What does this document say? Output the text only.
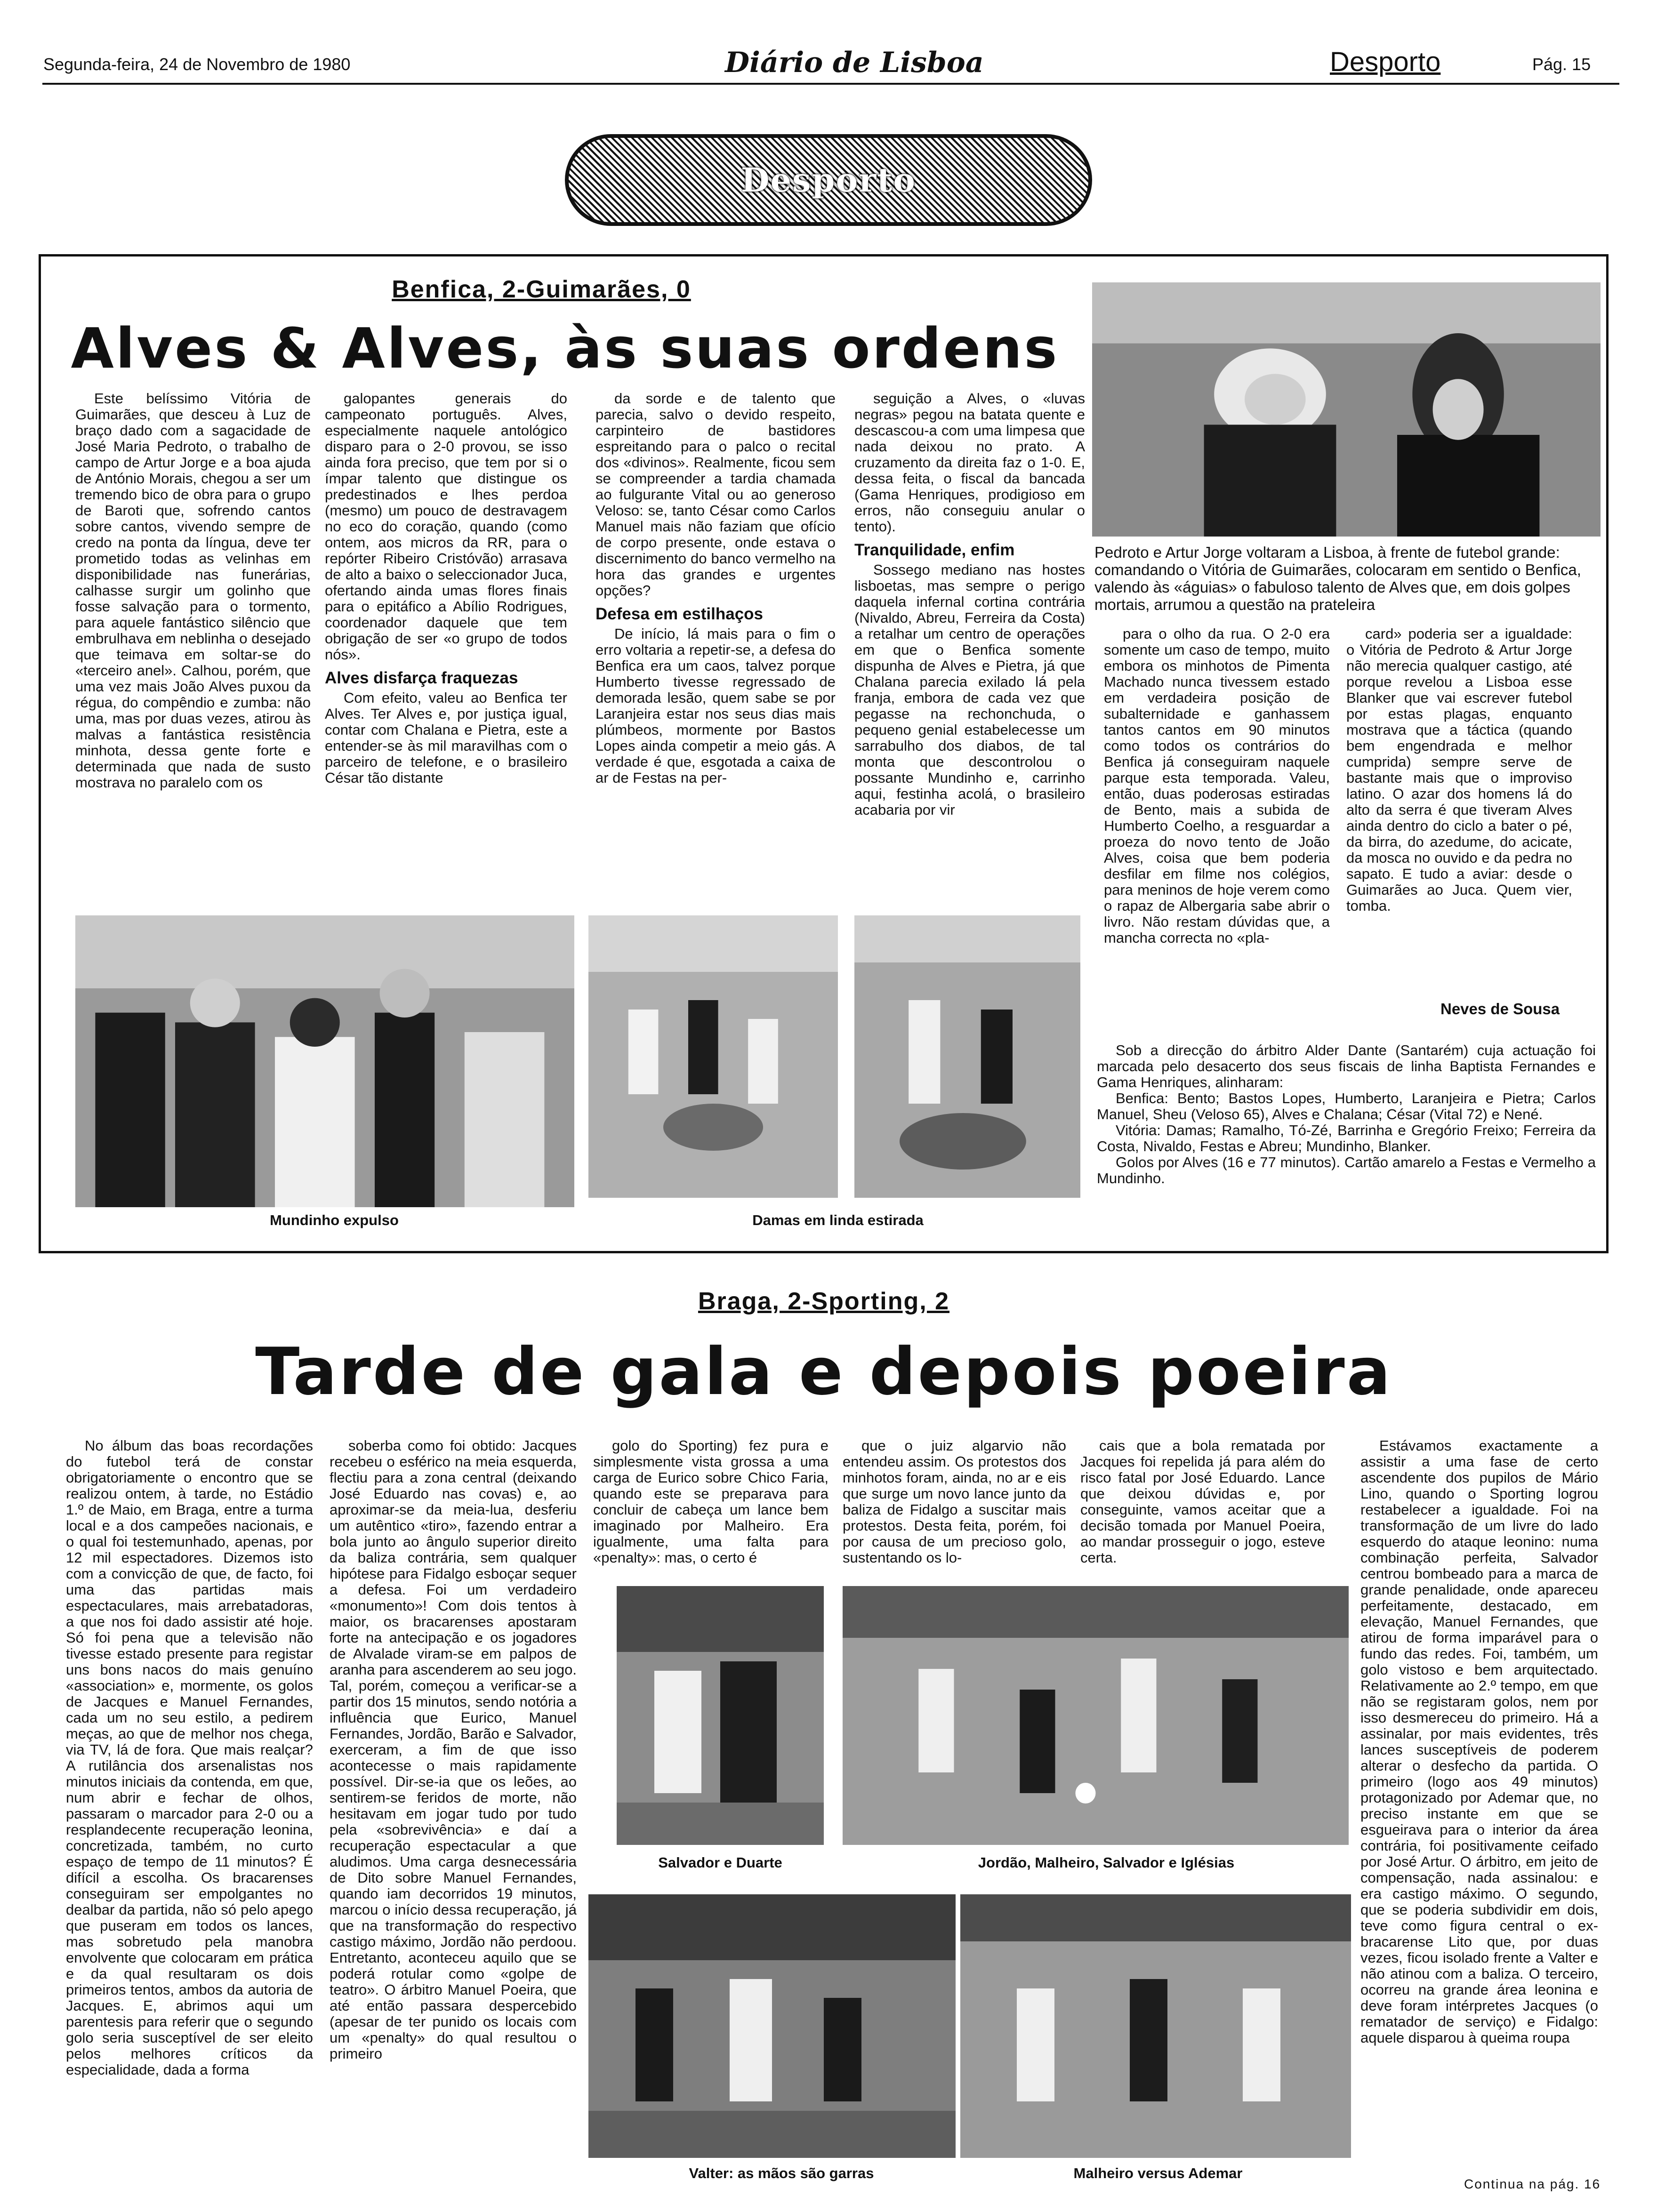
Segunda-feira, 24 de Novembro de 1980	Diário de Lisboa	Desporto	Pág. 15
Desporto
Benfica, 2-Guimarães, 0
Alves & Alves, às suas ordens

Este belíssimo Vitória de Guimarães, que desceu à Luz de braço dado com a sagacidade de José Maria Pedroto, o trabalho de campo de Artur Jorge e a boa ajuda de António Morais, chegou a ser um tremendo bico de obra para o grupo de Baroti que, sofrendo cantos sobre cantos, vivendo sempre de credo na ponta da língua, deve ter prometido todas as velinhas em disponibilidade nas funerárias, calhasse surgir um golinho que fosse salvação para o tormento, para aquele fantástico silêncio que embrulhava em neblinha o desejado que teimava em soltar-se do «terceiro anel». Calhou, porém, que uma vez mais João Alves puxou da régua, do compêndio e zumba: não uma, mas por duas vezes, atirou às malvas a fantástica resistência minhota, dessa gente forte e determinada que nada de susto mostrava no paralelo com os

galopantes generais do campeonato português. Alves, especialmente naquele antológico disparo para o 2-0 provou, se isso ainda fora preciso, que tem por si o ímpar talento que distingue os predestinados e lhes perdoa (mesmo) um pouco de destravagem no eco do coração, quando (como ontem, aos micros da RR, para o repórter Ribeiro Cristóvão) arrasava de alto a baixo o seleccionador Juca, ofertando ainda umas flores finais para o epitáfico a Abílio Rodrigues, coordenador daquele que tem obrigação de ser «o grupo de todos nós».

Alves disfarça fraquezas

Com efeito, valeu ao Benfica ter Alves. Ter Alves e, por justiça igual, contar com Chalana e Pietra, este a entender-se às mil maravilhas com o parceiro de telefone, e o brasileiro César tão distante

da sorde e de talento que parecia, salvo o devido respeito, carpinteiro de bastidores espreitando para o palco o recital dos «divinos». Realmente, ficou sem se compreender a tardia chamada ao fulgurante Vital ou ao generoso Veloso: se, tanto César como Carlos Manuel mais não faziam que ofício de corpo presente, onde estava o discernimento do banco vermelho na hora das grandes e urgentes opções?

Defesa em estilhaços

De início, lá mais para o fim o erro voltaria a repetir-se, a defesa do Benfica era um caos, talvez porque Humberto tivesse regressado de demorada lesão, quem sabe se por Laranjeira estar nos seus dias mais plúmbeos, mormente por Bastos Lopes ainda competir a meio gás. A verdade é que, esgotada a caixa de ar de Festas na per-

seguição a Alves, o «luvas negras» pegou na batata quente e descascou-a com uma limpesa que nada deixou no prato. A cruzamento da direita faz o 1-0. E, dessa feita, o fiscal da bancada (Gama Henriques, prodigioso em erros, não conseguiu anular o tento).

Tranquilidade, enfim

Sossego mediano nas hostes lisboetas, mas sempre o perigo daquela infernal cortina contrária (Nivaldo, Abreu, Ferreira da Costa) a retalhar um centro de operações em que o Benfica somente dispunha de Alves e Pietra, já que Chalana parecia exilado lá pela franja, embora de cada vez que pegasse na rechonchuda, o pequeno genial estabelecesse um sarrabulho dos diabos, de tal monta que descontrolou o possante Mundinho e, carrinho aqui, festinha acolá, o brasileiro acabaria por vir

Pedroto e Artur Jorge voltaram a Lisboa, à frente de futebol grande: comandando o Vitória de Guimarães, colocaram em sentido o Benfica, valendo às «águias» o fabuloso talento de Alves que, em dois golpes mortais, arrumou a questão na prateleira

para o olho da rua. O 2-0 era somente um caso de tempo, muito embora os minhotos de Pimenta Machado nunca tivessem estado em verdadeira posição de subalternidade e ganhassem tantos cantos em 90 minutos como todos os contrários do Benfica já conseguiram naquele parque esta temporada. Valeu, então, duas poderosas estiradas de Bento, mais a subida de Humberto Coelho, a resguardar a proeza do novo tento de João Alves, coisa que bem poderia desfilar em filme nos colégios, para meninos de hoje verem como o rapaz de Albergaria sabe abrir o livro. Não restam dúvidas que, a mancha correcta no «pla-

card» poderia ser a igualdade: o Vitória de Pedroto & Artur Jorge não merecia qualquer castigo, até porque revelou a Lisboa esse Blanker que vai escrever futebol por estas plagas, enquanto mostrava que a táctica (quando bem engendrada e melhor cumprida) sempre serve de bastante mais que o improviso latino. O azar dos homens lá do alto da serra é que tiveram Alves ainda dentro do ciclo a bater o pé, da birra, do azedume, do acicate, da mosca no ouvido e da pedra no sapato. E tudo a aviar: desde o Guimarães ao Juca. Quem vier, tomba.

Neves de Sousa

Sob a direcção do árbitro Alder Dante (Santarém) cuja actuação foi marcada pelo desacerto dos seus fiscais de linha Baptista Fernandes e Gama Henriques, alinharam:

Benfica: Bento; Bastos Lopes, Humberto, Laranjeira e Pietra; Carlos Manuel, Sheu (Veloso 65), Alves e Chalana; César (Vital 72) e Nené.

Vitória: Damas; Ramalho, Tó-Zé, Barrinha e Gregório Freixo; Ferreira da Costa, Nivaldo, Festas e Abreu; Mundinho, Blanker.

Golos por Alves (16 e 77 minutos). Cartão amarelo a Festas e Vermelho a Mundinho.

Mundinho expulso	Damas em linda estirada
Braga, 2-Sporting, 2
Tarde de gala e depois poeira

No álbum das boas recordações do futebol terá de constar obrigatoriamente o encontro que se realizou ontem, à tarde, no Estádio 1.º de Maio, em Braga, entre a turma local e a dos campeões nacionais, e o qual foi testemunhado, apenas, por 12 mil espectadores. Dizemos isto com a convicção de que, de facto, foi uma das partidas mais espectaculares, mais arrebatadoras, a que nos foi dado assistir até hoje. Só foi pena que a televisão não tivesse estado presente para registar uns bons nacos do mais genuíno «association» e, mormente, os golos de Jacques e Manuel Fernandes, cada um no seu estilo, a pedirem meças, ao que de melhor nos chega, via TV, lá de fora. Que mais realçar? A rutilância dos arsenalistas nos minutos iniciais da contenda, em que, num abrir e fechar de olhos, passaram o marcador para 2-0 ou a resplandecente recuperação leonina, concretizada, também, no curto espaço de tempo de 11 minutos? É difícil a escolha. Os bracarenses conseguiram ser empolgantes no dealbar da partida, não só pelo apego que puseram em todos os lances, mas sobretudo pela manobra envolvente que colocaram em prática e da qual resultaram os dois primeiros tentos, ambos da autoria de Jacques. E, abrimos aqui um parentesis para referir que o segundo golo seria susceptível de ser eleito pelos melhores críticos da especialidade, dada a forma

soberba como foi obtido: Jacques recebeu o esférico na meia esquerda, flectiu para a zona central (deixando José Eduardo nas covas) e, ao aproximar-se da meia-lua, desferiu um autêntico «tiro», fazendo entrar a bola junto ao ângulo superior direito da baliza contrária, sem qualquer hipótese para Fidalgo esboçar sequer a defesa. Foi um verdadeiro «monumento»! Com dois tentos à maior, os bracarenses apostaram forte na antecipação e os jogadores de Alvalade viram-se em palpos de aranha para ascenderem ao seu jogo. Tal, porém, começou a verificar-se a partir dos 15 minutos, sendo notória a influência que Eurico, Manuel Fernandes, Jordão, Barão e Salvador, exerceram, a fim de que isso acontecesse o mais rapidamente possível. Dir-se-ia que os leões, ao sentirem-se feridos de morte, não hesitavam em jogar tudo por tudo pela «sobrevivência» e daí a recuperação espectacular a que aludimos. Uma carga desnecessária de Dito sobre Manuel Fernandes, quando iam decorridos 19 minutos, marcou o início dessa recuperação, já que na transformação do respectivo castigo máximo, Jordão não perdoou. Entretanto, aconteceu aquilo que se poderá rotular como «golpe de teatro». O árbitro Manuel Poeira, que até então passara despercebido (apesar de ter punido os locais com um «penalty» do qual resultou o primeiro

golo do Sporting) fez pura e simplesmente vista grossa a uma carga de Eurico sobre Chico Faria, quando este se preparava para concluir de cabeça um lance bem imaginado por Malheiro. Era igualmente, uma falta para «penalty»: mas, o certo é

que o juiz algarvio não entendeu assim. Os protestos dos minhotos foram, ainda, no ar e eis que surge um novo lance junto da baliza de Fidalgo a suscitar mais protestos. Desta feita, porém, foi por causa de um precioso golo, sustentando os lo-

cais que a bola rematada por Jacques foi repelida já para além do risco fatal por José Eduardo. Lance que deixou dúvidas e, por conseguinte, vamos aceitar que a decisão tomada por Manuel Poeira, ao mandar prosseguir o jogo, esteve certa.

Estávamos exactamente a assistir a uma fase de certo ascendente dos pupilos de Mário Lino, quando o Sporting logrou restabelecer a igualdade. Foi na transformação de um livre do lado esquerdo do ataque leonino: numa combinação perfeita, Salvador centrou bombeado para a marca de grande penalidade, onde apareceu perfeitamente, destacado, em elevação, Manuel Fernandes, que atirou de forma imparável para o fundo das redes. Foi, também, um golo vistoso e bem arquitectado. Relativamente ao 2.º tempo, em que não se registaram golos, nem por isso desmereceu do primeiro. Há a assinalar, por mais evidentes, três lances susceptíveis de poderem alterar o desfecho da partida. O primeiro (logo aos 49 minutos) protagonizado por Ademar que, no preciso instante em que se esgueirava para o interior da área contrária, foi positivamente ceifado por José Artur. O árbitro, em jeito de compensação, nada assinalou: e era castigo máximo. O segundo, que se poderia subdividir em dois, teve como figura central o ex-bracarense Lito que, por duas vezes, ficou isolado frente a Valter e não atinou com a baliza. O terceiro, ocorreu na grande área leonina e deve foram intérpretes Jacques (o rematador de serviço) e Fidalgo: aquele disparou à queima roupa

Salvador e Duarte	Jordão, Malheiro, Salvador e Iglésias
Valter: as mãos são garras	Malheiro versus Ademar
Continua na pág. 16
